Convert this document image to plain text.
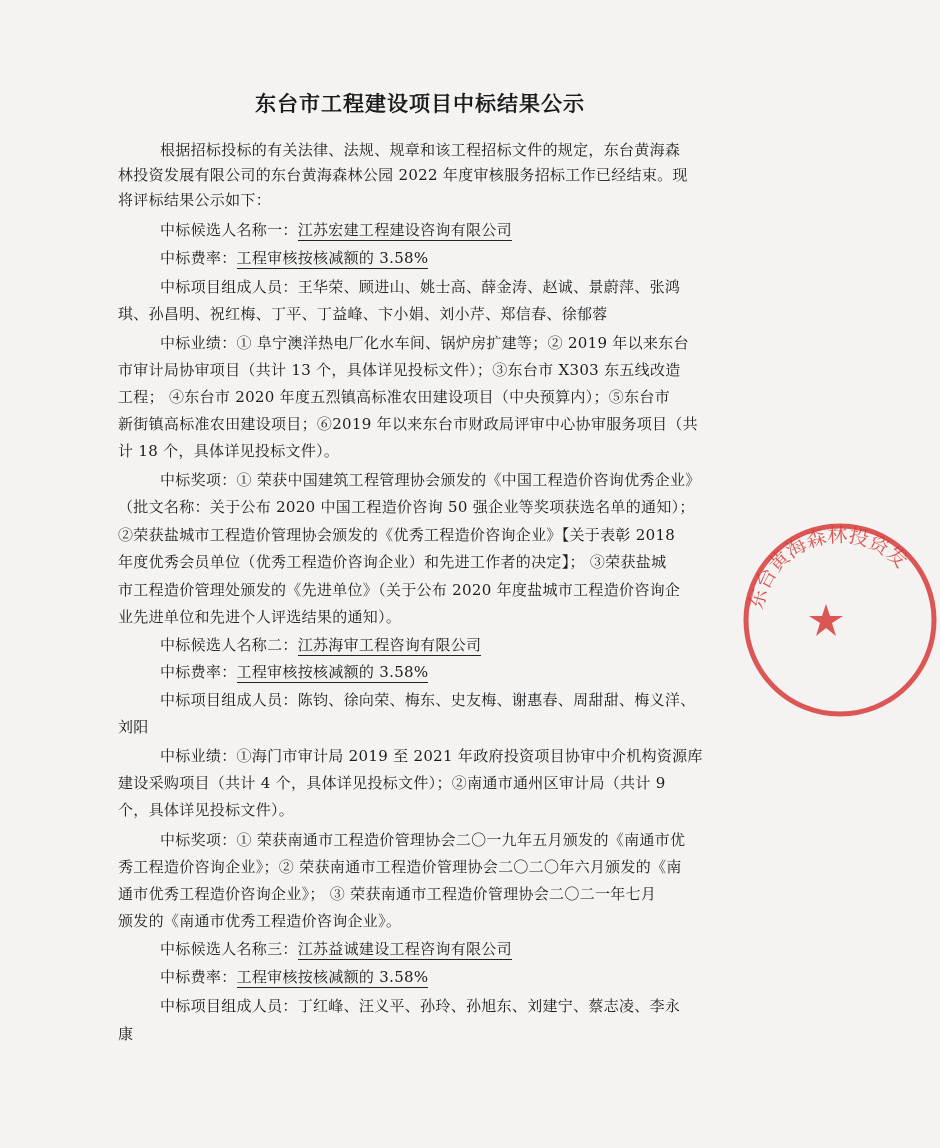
东台市工程建设项目中标结果公示
根据招标投标的有关法律、法规、规章和该工程招标文件的规定，东台黄海森
林投资发展有限公司的东台黄海森林公园 2022 年度审核服务招标工作已经结束。现
将评标结果公示如下：
中标候选人名称一：江苏宏建工程建设咨询有限公司
中标费率：工程审核按核减额的 3.58%
中标项目组成人员：王华荣、顾进山、姚士高、薛金涛、赵诚、景蔚萍、张鸿
琪、孙昌明、祝红梅、丁平、丁益峰、卞小娟、刘小芹、郑信春、徐郁蓉
中标业绩：① 阜宁澳洋热电厂化水车间、锅炉房扩建等；② 2019 年以来东台
市审计局协审项目（共计 13 个，具体详见投标文件）；③东台市 X303 东五线改造
工程； ④东台市 2020 年度五烈镇高标准农田建设项目（中央预算内）；⑤东台市
新街镇高标准农田建设项目；⑥2019 年以来东台市财政局评审中心协审服务项目（共
计 18 个，具体详见投标文件）。
中标奖项：① 荣获中国建筑工程管理协会颁发的《中国工程造价咨询优秀企业》
（批文名称：关于公布 2020 中国工程造价咨询 50 强企业等奖项获选名单的通知）；
②荣获盐城市工程造价管理协会颁发的《优秀工程造价咨询企业》【关于表彰 2018
年度优秀会员单位（优秀工程造价咨询企业）和先进工作者的决定】； ③荣获盐城
市工程造价管理处颁发的《先进单位》（关于公布 2020 年度盐城市工程造价咨询企
业先进单位和先进个人评选结果的通知）。
中标候选人名称二：江苏海审工程咨询有限公司
中标费率：工程审核按核减额的 3.58%
中标项目组成人员：陈钧、徐向荣、梅东、史友梅、谢惠春、周甜甜、梅义洋、
刘阳
中标业绩：①海门市审计局 2019 至 2021 年政府投资项目协审中介机构资源库
建设采购项目（共计 4 个，具体详见投标文件）；②南通市通州区审计局（共计 9
个，具体详见投标文件）。
中标奖项：① 荣获南通市工程造价管理协会二〇一九年五月颁发的《南通市优
秀工程造价咨询企业》；② 荣获南通市工程造价管理协会二〇二〇年六月颁发的《南
通市优秀工程造价咨询企业》； ③ 荣获南通市工程造价管理协会二〇二一年七月
颁发的《南通市优秀工程造价咨询企业》。
中标候选人名称三：江苏益诚建设工程咨询有限公司
中标费率：工程审核按核减额的 3.58%
中标项目组成人员：丁红峰、汪义平、孙玲、孙旭东、刘建宁、蔡志凌、李永
康
东台黄海森林投资发
